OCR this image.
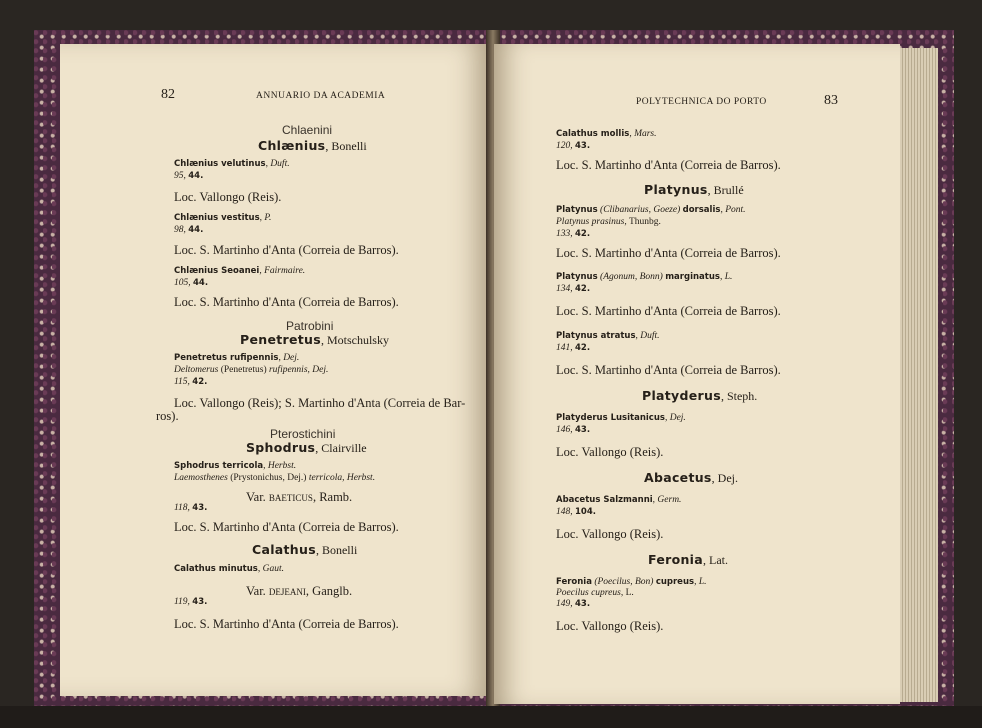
82	ANNUARIO DA ACADEMIA
Chlaenini
Chlænius, Bonelli
Chlænius velutinus, Duft.
95, 44.
Loc. Vallongo (Reis).
Chlænius vestitus, P.
98, 44.
Loc. S. Martinho d'Anta (Correia de Barros).
Chlænius Seoanei, Fairmaire.
105, 44.
Loc. S. Martinho d'Anta (Correia de Barros).
Patrobini
Penetretus, Motschulsky
Penetretus rufipennis, Dej.
Deltomerus (Penetretus) rufipennis, Dej.
115, 42.
Loc. Vallongo (Reis); S. Martinho d'Anta (Correia de Bar-
ros).
Pterostichini
Sphodrus, Clairville
Sphodrus terricola, Herbst.
Laemosthenes (Prystonichus, Dej.) terricola, Herbst.
Var. baeticus, Ramb.
118, 43.
Loc. S. Martinho d'Anta (Correia de Barros).
Calathus, Bonelli
Calathus minutus, Gaut.
Var. dejeani, Ganglb.
119, 43.
Loc. S. Martinho d'Anta (Correia de Barros).
POLYTECHNICA DO PORTO	83
Calathus mollis, Mars.
120, 43.
Loc. S. Martinho d'Anta (Correia de Barros).
Platynus, Brullé
Platynus (Clibanarius, Goeze) dorsalis, Pont.
Platynus prasinus, Thunbg.
133, 42.
Loc. S. Martinho d'Anta (Correia de Barros).
Platynus (Agonum, Bonn) marginatus, L.
134, 42.
Loc. S. Martinho d'Anta (Correia de Barros).
Platynus atratus, Duft.
141, 42.
Loc. S. Martinho d'Anta (Correia de Barros).
Platyderus, Steph.
Platyderus Lusitanicus, Dej.
146, 43.
Loc. Vallongo (Reis).
Abacetus, Dej.
Abacetus Salzmanni, Germ.
148, 104.
Loc. Vallongo (Reis).
Feronia, Lat.
Feronia (Poecilus, Bon) cupreus, L.
Poecilus cupreus, L.
149, 43.
Loc. Vallongo (Reis).
